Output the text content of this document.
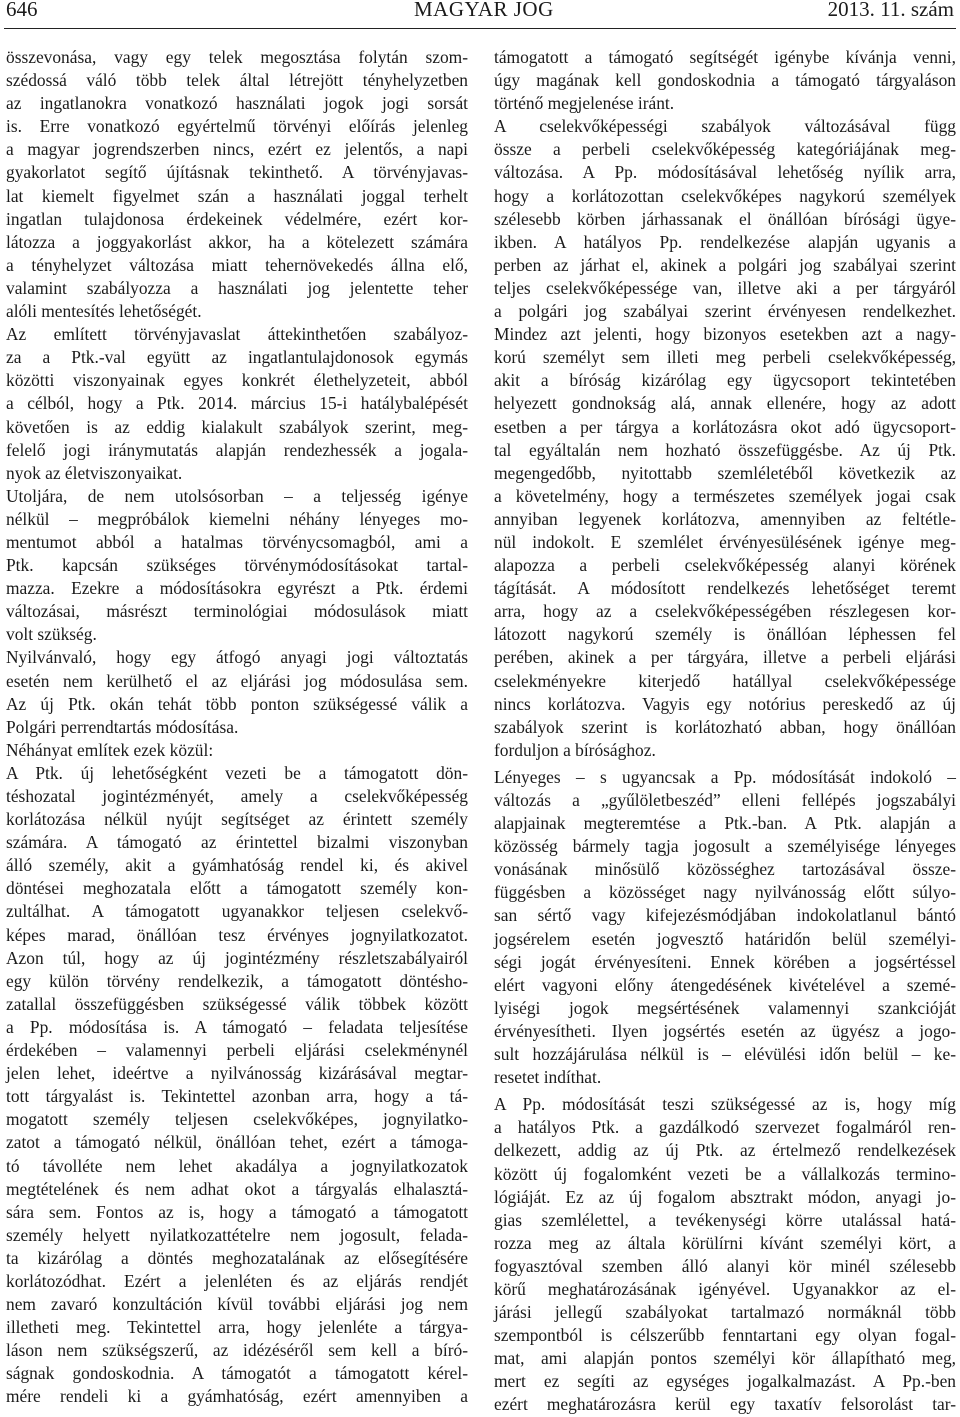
646	MAGYAR JOG	2013. 11. szám
összevonása, vagy egy telek megosztása folytán szom-
szédossá váló több telek által létrejött tényhelyzetben
az ingatlanokra vonatkozó használati jogok jogi sorsát
is. Erre vonatkozó egyértelmű törvényi előírás jelenleg
a magyar jogrendszerben nincs, ezért ez jelentős, a napi
gyakorlatot segítő újításnak tekinthető. A törvényjavas-
lat kiemelt figyelmet szán a használati joggal terhelt
ingatlan tulajdonosa érdekeinek védelmére, ezért kor-
látozza a joggyakorlást akkor, ha a kötelezett számára
a tényhelyzet változása miatt tehernövekedés állna elő,
valamint szabályozza a használati jog jelentette teher
alóli mentesítés lehetőségét.
Az említett törvényjavaslat áttekinthetően szabályoz-
za a Ptk.-val együtt az ingatlantulajdonosok egymás
közötti viszonyainak egyes konkrét élethelyzeteit, abból
a célból, hogy a Ptk. 2014. március 15-i hatálybalépését
követően is az eddig kialakult szabályok szerint, meg-
felelő jogi iránymutatás alapján rendezhessék a jogala-
nyok az életviszonyaikat.
Utoljára, de nem utolsósorban – a teljesség igénye
nélkül – megpróbálok kiemelni néhány lényeges mo-
mentumot abból a hatalmas törvénycsomagból, ami a
Ptk. kapcsán szükséges törvénymódosításokat tartal-
mazza. Ezekre a módosításokra egyrészt a Ptk. érdemi
változásai, másrészt terminológiai módosulások miatt
volt szükség.
Nyilvánvaló, hogy egy átfogó anyagi jogi változtatás
esetén nem kerülhető el az eljárási jog módosulása sem.
Az új Ptk. okán tehát több ponton szükségessé válik a
Polgári perrendtartás módosítása.
Néhányat említek ezek közül:
A Ptk. új lehetőségként vezeti be a támogatott dön-
téshozatal jogintézményét, amely a cselekvőképesség
korlátozása nélkül nyújt segítséget az érintett személy
számára. A támogató az érintettel bizalmi viszonyban
álló személy, akit a gyámhatóság rendel ki, és akivel
döntései meghozatala előtt a támogatott személy kon-
zultálhat. A támogatott ugyanakkor teljesen cselekvő-
képes marad, önállóan tesz érvényes jognyilatkozatot.
Azon túl, hogy az új jogintézmény részletszabályairól
egy külön törvény rendelkezik, a támogatott döntésho-
zatallal összefüggésben szükségessé válik többek között
a Pp. módosítása is. A támogató – feladata teljesítése
érdekében – valamennyi perbeli eljárási cselekménynél
jelen lehet, ideértve a nyilvánosság kizárásával megtar-
tott tárgyalást is. Tekintettel azonban arra, hogy a tá-
mogatott személy teljesen cselekvőképes, jognyilatko-
zatot a támogató nélkül, önállóan tehet, ezért a támoga-
tó távolléte nem lehet akadálya a jognyilatkozatok
megtételének és nem adhat okot a tárgyalás elhalasztá-
sára sem. Fontos az is, hogy a támogató a támogatott
személy helyett nyilatkozattételre nem jogosult, felada-
ta kizárólag a döntés meghozatalának az elősegítésére
korlátozódhat. Ezért a jelenléten és az eljárás rendjét
nem zavaró konzultáción kívül további eljárási jog nem
illetheti meg. Tekintettel arra, hogy jelenléte a tárgya-
láson nem szükségszerű, az idézéséről sem kell a bíró-
ságnak gondoskodnia. A támogatót a támogatott kérel-
mére rendeli ki a gyámhatóság, ezért amennyiben a
támogatott a támogató segítségét igénybe kívánja venni,
úgy magának kell gondoskodnia a támogató tárgyaláson
történő megjelenése iránt.
A cselekvőképességi szabályok változásával függ
össze a perbeli cselekvőképesség kategóriájának meg-
változása. A Pp. módosításával lehetőség nyílik arra,
hogy a korlátozottan cselekvőképes nagykorú személyek
szélesebb körben járhassanak el önállóan bírósági ügye-
ikben. A hatályos Pp. rendelkezése alapján ugyanis a
perben az járhat el, akinek a polgári jog szabályai szerint
teljes cselekvőképessége van, illetve aki a per tárgyáról
a polgári jog szabályai szerint érvényesen rendelkezhet.
Mindez azt jelenti, hogy bizonyos esetekben azt a nagy-
korú személyt sem illeti meg perbeli cselekvőképesség,
akit a bíróság kizárólag egy ügycsoport tekintetében
helyezett gondnokság alá, annak ellenére, hogy az adott
esetben a per tárgya a korlátozásra okot adó ügycsoport-
tal egyáltalán nem hozható összefüggésbe. Az új Ptk.
megengedőbb, nyitottabb szemléletéből következik az
a követelmény, hogy a természetes személyek jogai csak
annyiban legyenek korlátozva, amennyiben az feltétle-
nül indokolt. E szemlélet érvényesülésének igénye meg-
alapozza a perbeli cselekvőképesség alanyi körének
tágítását. A módosított rendelkezés lehetőséget teremt
arra, hogy az a cselekvőképességében részlegesen kor-
látozott nagykorú személy is önállóan léphessen fel
perében, akinek a per tárgyára, illetve a perbeli eljárási
cselekményekre kiterjedő hatállyal cselekvőképessége
nincs korlátozva. Vagyis egy notórius pereskedő az új
szabályok szerint is korlátozható abban, hogy önállóan
forduljon a bírósághoz.
Lényeges – s ugyancsak a Pp. módosítását indokoló –
változás a „gyűlöletbeszéd” elleni fellépés jogszabályi
alapjainak megteremtése a Ptk.-ban. A Ptk. alapján a
közösség bármely tagja jogosult a személyisége lényeges
vonásának minősülő közösséghez tartozásával össze-
függésben a közösséget nagy nyilvánosság előtt súlyo-
san sértő vagy kifejezésmódjában indokolatlanul bántó
jogsérelem esetén jogvesztő határidőn belül személyi-
ségi jogát érvényesíteni. Ennek körében a jogsértéssel
elért vagyoni előny átengedésének kivételével a szemé-
lyiségi jogok megsértésének valamennyi szankcióját
érvényesítheti. Ilyen jogsértés esetén az ügyész a jogo-
sult hozzájárulása nélkül is – elévülési időn belül – ke-
resetet indíthat.
A Pp. módosítását teszi szükségessé az is, hogy míg
a hatályos Ptk. a gazdálkodó szervezet fogalmáról ren-
delkezett, addig az új Ptk. az értelmező rendelkezések
között új fogalomként vezeti be a vállalkozás termino-
lógiáját. Ez az új fogalom absztrakt módon, anyagi jo-
gias szemlélettel, a tevékenységi körre utalással hatá-
rozza meg az általa körülírni kívánt személyi kört, a
fogyasztóval szemben álló alanyi kör minél szélesebb
körű meghatározásának igényével. Ugyanakkor az el-
járási jellegű szabályokat tartalmazó normáknál több
szempontból is célszerűbb fenntartani egy olyan fogal-
mat, ami alapján pontos személyi kör állapítható meg,
mert ez segíti az egységes jogalkalmazást. A Pp.-ben
ezért meghatározásra kerül egy taxatív felsorolást tar-
